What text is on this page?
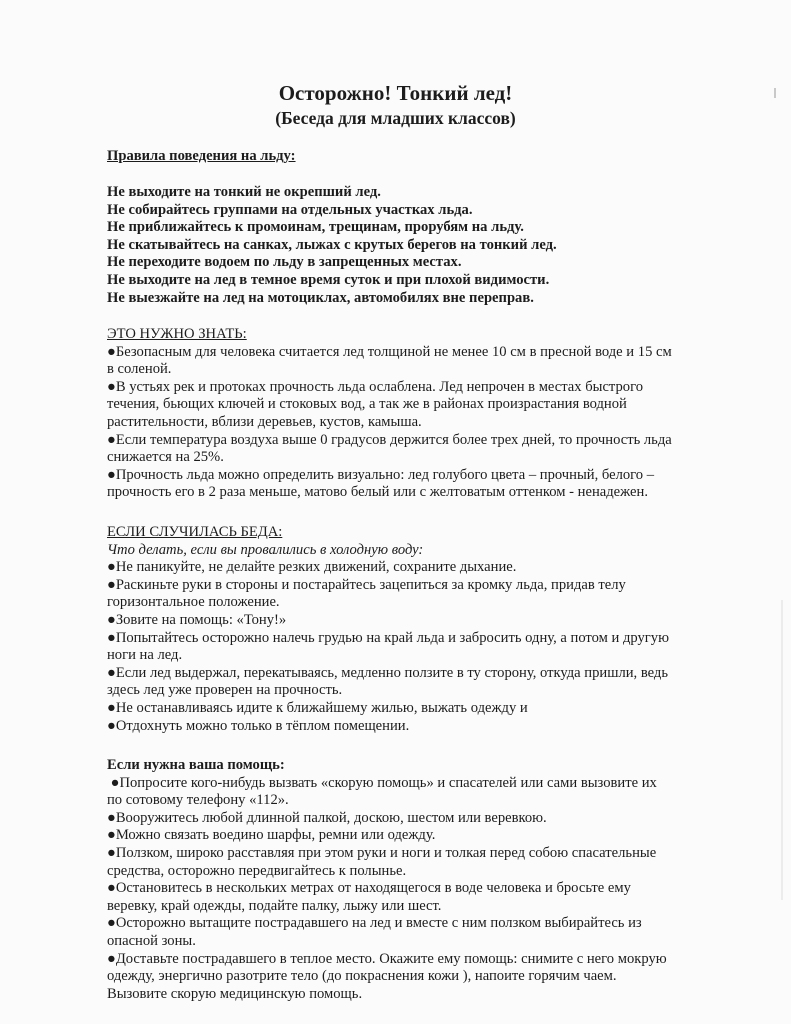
Осторожно! Тонкий лед!
(Беседа для младших классов)
Правила поведения на льду:
Не выходите на тонкий не окрепший лед.
Не собирайтесь группами на отдельных участках льда.
Не приближайтесь к промоинам, трещинам, прорубям на льду.
Не скатывайтесь на санках, лыжах с крутых берегов на тонкий лед.
Не переходите водоем по льду в запрещенных местах.
Не выходите на лед в темное время суток и при плохой видимости.
Не выезжайте на лед на мотоциклах, автомобилях вне переправ.
ЭТО НУЖНО ЗНАТЬ:
●Безопасным для человека считается лед толщиной не менее 10 см в пресной воде и 15 см
в соленой.
●В устьях рек и протоках прочность льда ослаблена. Лед непрочен в местах быстрого
течения, бьющих ключей и стоковых вод, а так же в районах произрастания водной
растительности, вблизи деревьев, кустов, камыша.
●Если температура воздуха выше 0 градусов держится более трех дней, то прочность льда
снижается на 25%.
●Прочность льда можно определить визуально: лед голубого цвета – прочный, белого –
прочность его в 2 раза меньше, матово белый или с желтоватым оттенком - ненадежен.
ЕСЛИ СЛУЧИЛАСЬ БЕДА:
Что делать, если вы провалились в холодную воду:
●Не паникуйте, не делайте резких движений, сохраните дыхание.
●Раскиньте руки в стороны и постарайтесь зацепиться за кромку льда, придав телу
горизонтальное положение.
●Зовите на помощь: «Тону!»
●Попытайтесь осторожно налечь грудью на край льда и забросить одну, а потом и другую
ноги на лед.
●Если лед выдержал, перекатываясь, медленно ползите в ту сторону, откуда пришли, ведь
здесь лед уже проверен на прочность.
●Не останавливаясь идите к ближайшему жилью, выжать одежду и
●Отдохнуть можно только в тёплом помещении.
Если нужна ваша помощь:
●Попросите кого-нибудь вызвать «скорую помощь» и спасателей или сами вызовите их
по сотовому телефону «112».
●Вооружитесь любой длинной палкой, доскою, шестом или веревкою.
●Можно связать воедино шарфы, ремни или одежду.
●Ползком, широко расставляя при этом руки и ноги и толкая перед собою спасательные
средства, осторожно передвигайтесь к полынье.
●Остановитесь в нескольких метрах от находящегося в воде человека и бросьте ему
веревку, край одежды, подайте палку, лыжу или шест.
●Осторожно вытащите пострадавшего на лед и вместе с ним ползком выбирайтесь из
опасной зоны.
●Доставьте пострадавшего в теплое место. Окажите ему помощь: снимите с него мокрую
одежду, энергично разотрите тело (до покраснения кожи ), напоите горячим чаем.
Вызовите скорую медицинскую помощь.
